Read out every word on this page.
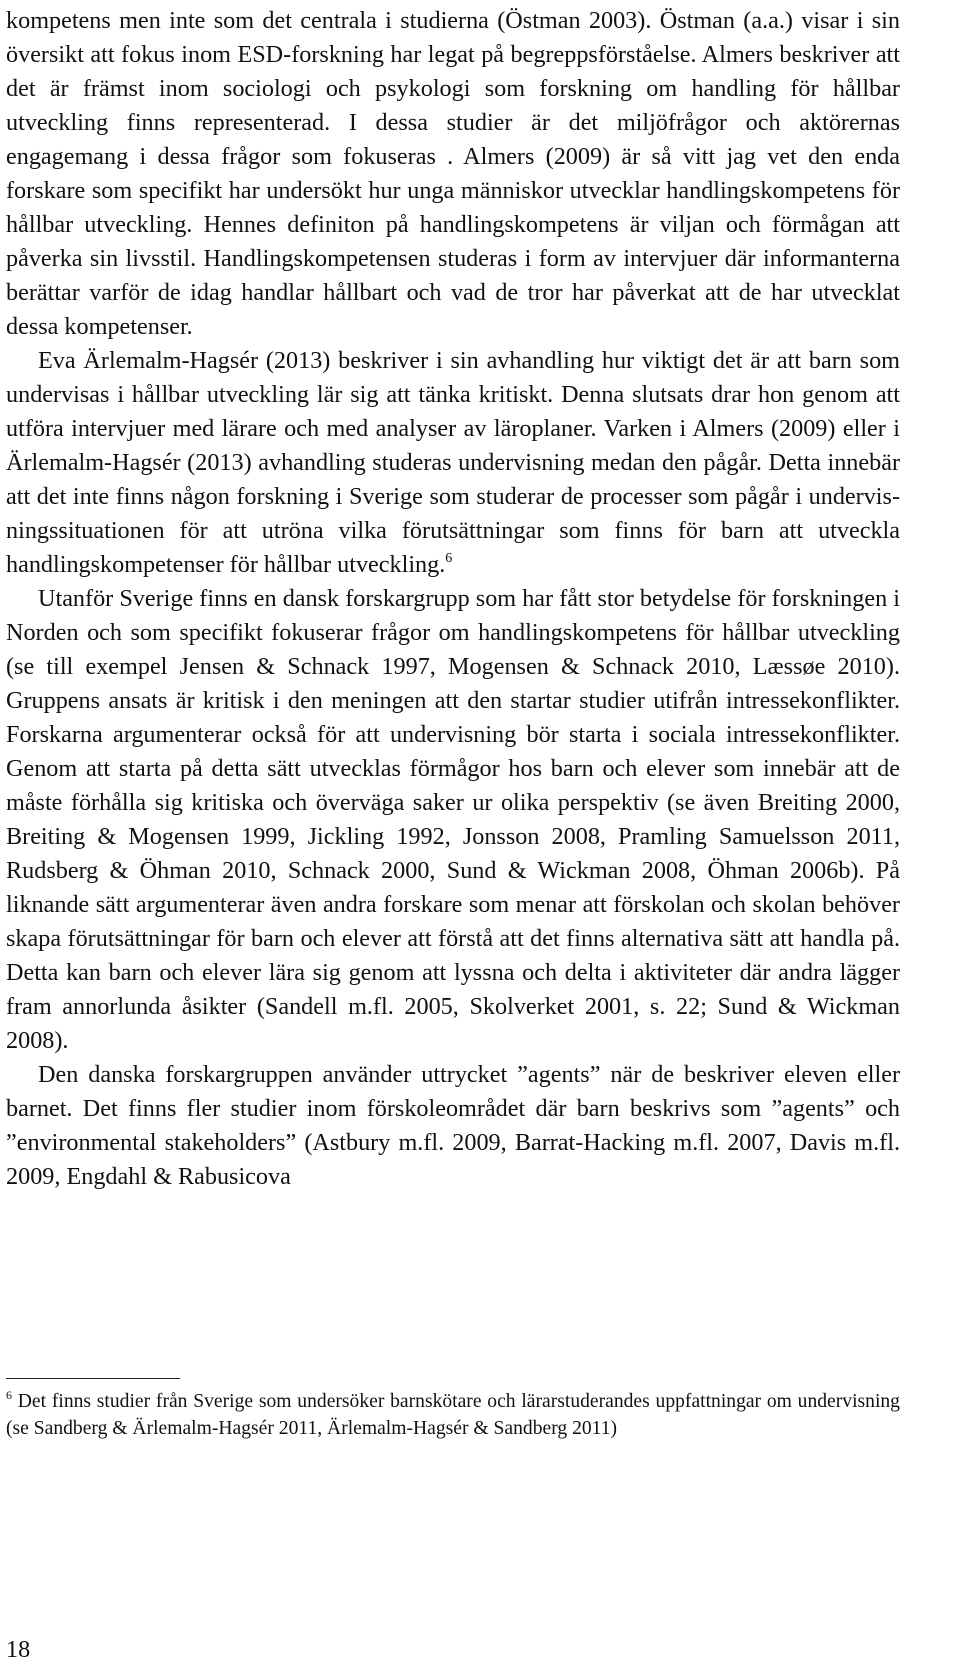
kompetens men inte som det centrala i studierna (Östman 2003). Östman (a.a.) visar i sin översikt att fokus inom ESD-forskning har legat på begreppsförståelse. Almers beskriver att det är främst inom sociologi och psykologi som forskning om handling för hållbar utveckling finns representerad. I dessa studier är det miljöfrågor och aktörernas engagemang i dessa frågor som fokuseras . Almers (2009) är så vitt jag vet den enda forskare som specifikt har undersökt hur unga människor utvecklar handlingskompetens för hållbar utveckling. Hennes definiton på handlingskompetens är viljan och förmågan att påverka sin livsstil. Handlingskompetensen studeras i form av intervjuer där informanterna berättar varför de idag handlar hållbart och vad de tror har påverkat att de har utvecklat dessa kompetenser.

Eva Ärlemalm-Hagsér (2013) beskriver i sin avhandling hur viktigt det är att barn som undervisas i hållbar utveckling lär sig att tänka kritiskt. Denna slutsats drar hon genom att utföra intervjuer med lärare och med analyser av läroplaner. Varken i Almers (2009) eller i Ärlemalm-Hagsér (2013) avhandling studeras undervisning medan den pågår. Detta innebär att det inte finns någon forskning i Sverige som studerar de processer som pågår i undervisningssituationen för att utröna vilka förutsättningar som finns för barn att utveckla handlingskompetenser för hållbar utveckling.$^6$

Utanför Sverige finns en dansk forskargrupp som har fått stor betydelse för forskningen i Norden och som specifikt fokuserar frågor om handlingskompetens för hållbar utveckling (se till exempel Jensen & Schnack 1997, Mogensen & Schnack 2010, Læssøe 2010). Gruppens ansats är kritisk i den meningen att den startar studier utifrån intressekonflikter. Forskarna argumenterar också för att undervisning bör starta i sociala intressekonflikter. Genom att starta på detta sätt utvecklas förmågor hos barn och elever som innebär att de måste förhålla sig kritiska och överväga saker ur olika perspektiv (se även Breiting 2000, Breiting & Mogensen 1999, Jickling 1992, Jonsson 2008, Pramling Samuelsson 2011, Rudsberg & Öhman 2010, Schnack 2000, Sund & Wickman 2008, Öhman 2006b). På liknande sätt argumenterar även andra forskare som menar att förskolan och skolan behöver skapa förutsättningar för barn och elever att förstå att det finns alternativa sätt att handla på. Detta kan barn och elever lära sig genom att lyssna och delta i aktiviteter där andra lägger fram annorlunda åsikter (Sandell m.fl. 2005, Skolverket 2001, s. 22; Sund & Wickman 2008).

Den danska forskargruppen använder uttrycket ”agents” när de beskriver eleven eller barnet. Det finns fler studier inom förskoleområdet där barn beskrivs som ”agents” och ”environmental stakeholders” (Astbury m.fl. 2009, Barrat-Hacking m.fl. 2007, Davis m.fl. 2009, Engdahl & Rabusicova

$^6$ Det finns studier från Sverige som undersöker barnskötare och lärarstuderandes uppfattningar om undervisning (se Sandberg & Ärlemalm-Hagsér 2011, Ärlemalm-Hagsér & Sandberg 2011)

18
